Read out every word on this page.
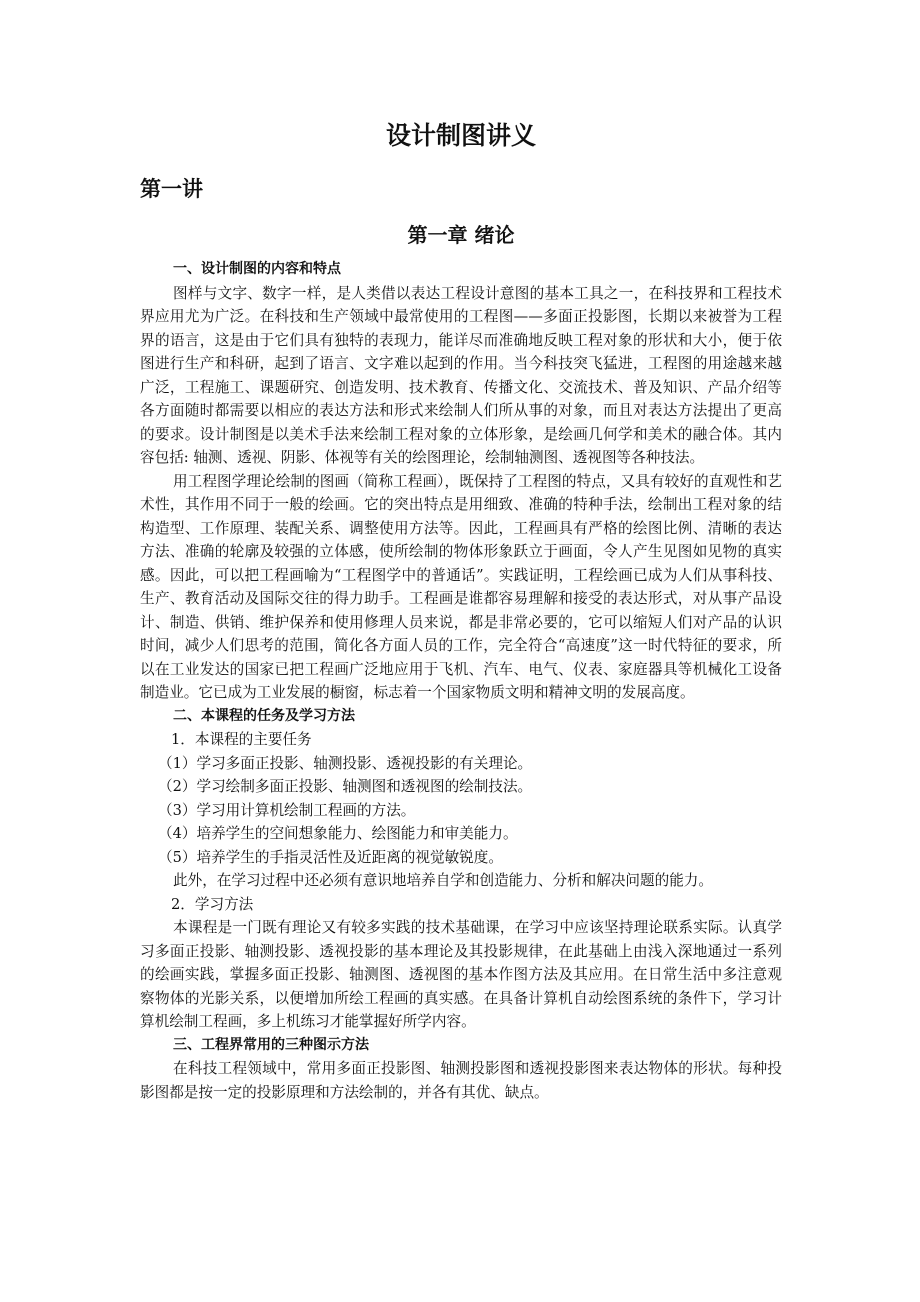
设计制图讲义
第一讲
第一章 绪论
一、设计制图的内容和特点

图样与文字、数字一样，是人类借以表达工程设计意图的基本工具之一，在科技界和工程技术界应用尤为广泛。在科技和生产领域中最常使用的工程图——多面正投影图，长期以来被誉为工程界的语言，这是由于它们具有独特的表现力，能详尽而准确地反映工程对象的形状和大小，便于依图进行生产和科研，起到了语言、文字难以起到的作用。当今科技突飞猛进，工程图的用途越来越广泛，工程施工、课题研究、创造发明、技术教育、传播文化、交流技术、普及知识、产品介绍等各方面随时都需要以相应的表达方法和形式来绘制人们所从事的对象，而且对表达方法提出了更高的要求。设计制图是以美术手法来绘制工程对象的立体形象，是绘画几何学和美术的融合体。其内容包括: 轴测、透视、阴影、体视等有关的绘图理论，绘制轴测图、透视图等各种技法。

用工程图学理论绘制的图画（简称工程画），既保持了工程图的特点，又具有较好的直观性和艺术性，其作用不同于一般的绘画。它的突出特点是用细致、准确的特种手法，绘制出工程对象的结构造型、工作原理、装配关系、调整使用方法等。因此，工程画具有严格的绘图比例、清晰的表达方法、准确的轮廓及较强的立体感，使所绘制的物体形象跃立于画面，令人产生见图如见物的真实感。因此，可以把工程画喻为“工程图学中的普通话”。实践证明，工程绘画已成为人们从事科技、生产、教育活动及国际交往的得力助手。工程画是谁都容易理解和接受的表达形式，对从事产品设计、制造、供销、维护保养和使用修理人员来说，都是非常必要的，它可以缩短人们对产品的认识时间，减少人们思考的范围，简化各方面人员的工作，完全符合“高速度”这一时代特征的要求，所以在工业发达的国家已把工程画广泛地应用于飞机、汽车、电气、仪表、家庭器具等机械化工设备制造业。它已成为工业发展的橱窗，标志着一个国家物质文明和精神文明的发展高度。

二、本课程的任务及学习方法
1．本课程的主要任务
（1）学习多面正投影、轴测投影、透视投影的有关理论。
（2）学习绘制多面正投影、轴测图和透视图的绘制技法。
（3）学习用计算机绘制工程画的方法。
（4）培养学生的空间想象能力、绘图能力和审美能力。
（5）培养学生的手指灵活性及近距离的视觉敏锐度。

此外，在学习过程中还必须有意识地培养自学和创造能力、分析和解决问题的能力。

2．学习方法

本课程是一门既有理论又有较多实践的技术基础课，在学习中应该坚持理论联系实际。认真学习多面正投影、轴测投影、透视投影的基本理论及其投影规律，在此基础上由浅入深地通过一系列的绘画实践，掌握多面正投影、轴测图、透视图的基本作图方法及其应用。在日常生活中多注意观察物体的光影关系，以便增加所绘工程画的真实感。在具备计算机自动绘图系统的条件下，学习计算机绘制工程画，多上机练习才能掌握好所学内容。

三、工程界常用的三种图示方法

在科技工程领域中，常用多面正投影图、轴测投影图和透视投影图来表达物体的形状。每种投影图都是按一定的投影原理和方法绘制的，并各有其优、缺点。
